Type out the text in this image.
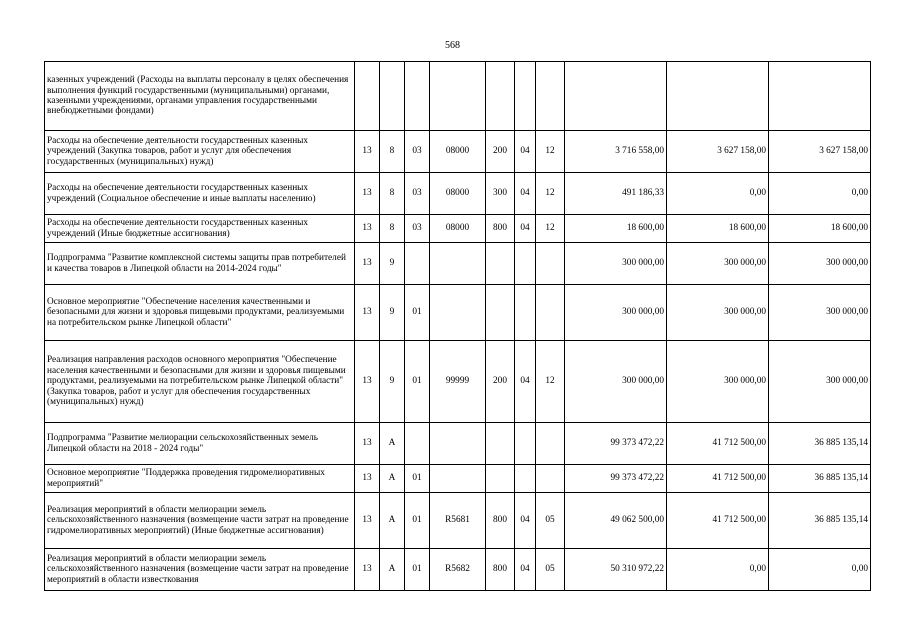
568
казенных учреждений (Расходы на выплаты персоналу в целях обеспечения выполнения функций государственными (муниципальными) органами, казенными учреждениями, органами управления государственными внебюджетными фондами)										
Расходы на обеспечение деятельности государственных казенных учреждений (Закупка товаров, работ и услуг для обеспечения государственных (муниципальных) нужд)	13	8	03	08000	200	04	12	3 716 558,00	3 627 158,00	3 627 158,00
Расходы на обеспечение деятельности государственных казенных учреждений (Социальное обеспечение и иные выплаты населению)	13	8	03	08000	300	04	12	491 186,33	0,00	0,00
Расходы на обеспечение деятельности государственных казенных учреждений (Иные бюджетные ассигнования)	13	8	03	08000	800	04	12	18 600,00	18 600,00	18 600,00
Подпрограмма "Развитие комплексной системы защиты прав потребителей и качества товаров в Липецкой области на 2014-2024 годы"	13	9						300 000,00	300 000,00	300 000,00
Основное мероприятие "Обеспечение населения качественными и безопасными для жизни и здоровья пищевыми продуктами, реализуемыми на потребительском рынке Липецкой области"	13	9	01					300 000,00	300 000,00	300 000,00
Реализация направления расходов основного мероприятия "Обеспечение населения качественными и безопасными для жизни и здоровья пищевыми продуктами, реализуемыми на потребительском рынке Липецкой области" (Закупка товаров, работ и услуг для обеспечения государственных (муниципальных) нужд)	13	9	01	99999	200	04	12	300 000,00	300 000,00	300 000,00
Подпрограмма "Развитие мелиорации сельскохозяйственных земель Липецкой области на 2018 - 2024 годы"	13	А						99 373 472,22	41 712 500,00	36 885 135,14
Основное мероприятие "Поддержка проведения гидромелиоративных мероприятий"	13	А	01					99 373 472,22	41 712 500,00	36 885 135,14
Реализация мероприятий в области мелиорации земель сельскохозяйственного назначения (возмещение части затрат на проведение гидромелиоративных мероприятий) (Иные бюджетные ассигнования)	13	А	01	R5681	800	04	05	49 062 500,00	41 712 500,00	36 885 135,14
Реализация мероприятий в области мелиорации земель сельскохозяйственного назначения (возмещение части затрат на проведение мероприятий в области известкования	13	А	01	R5682	800	04	05	50 310 972,22	0,00	0,00
